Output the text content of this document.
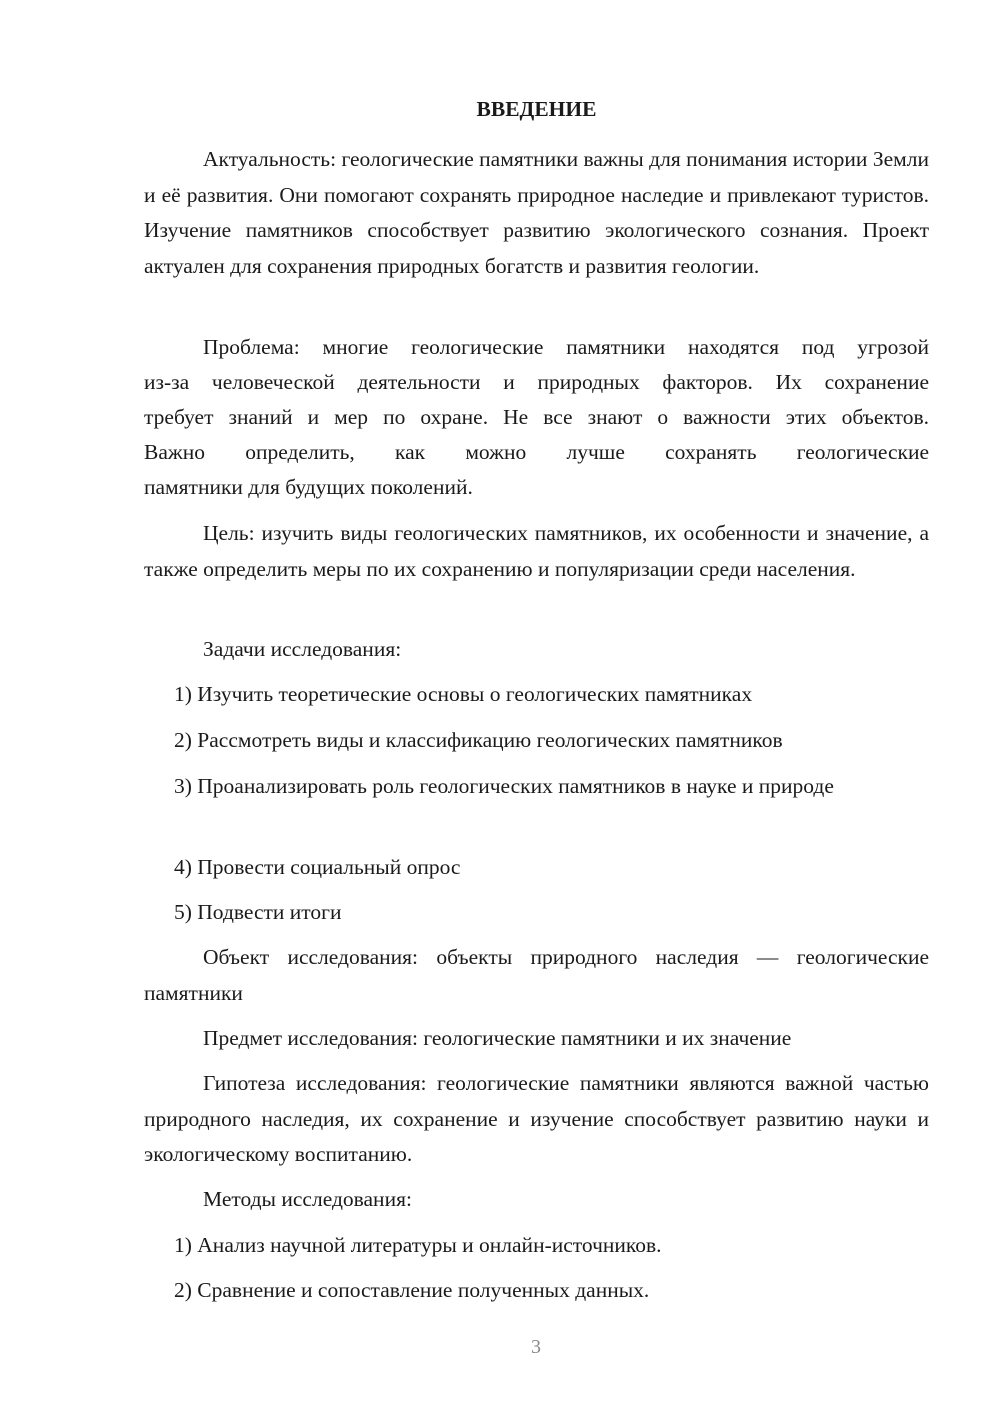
ВВЕДЕНИЕ

Актуальность: геологические памятники важны для понимания истории Земли и её развития. Они помогают сохранять природное наследие и привлекают туристов. Изучение памятников способствует развитию экологического сознания. Проект актуален для сохранения природных богатств и развития геологии.

Проблема: многие геологические памятники находятся под угрозой

из-за человеческой деятельности и природных факторов. Их сохранение

требует знаний и мер по охране. Не все знают о важности этих объектов.

Важно определить, как можно лучше сохранять геологические

памятники для будущих поколений.

Цель: изучить виды геологических памятников, их особенности и значение, а также определить меры по их сохранению и популяризации среди населения.

Задачи исследования:

1) Изучить теоретические основы о геологических памятниках

2) Рассмотреть виды и классификацию геологических памятников

3) Проанализировать роль геологических памятников в науке и природе

4) Провести социальный опрос

5) Подвести итоги

Объект исследования: объекты природного наследия — геологические памятники

Предмет исследования: геологические памятники и их значение

Гипотеза исследования: геологические памятники являются важной частью природного наследия, их сохранение и изучение способствует развитию науки и экологическому воспитанию.

Методы исследования:

1) Анализ научной литературы и онлайн-источников.

2) Сравнение и сопоставление полученных данных.

3
